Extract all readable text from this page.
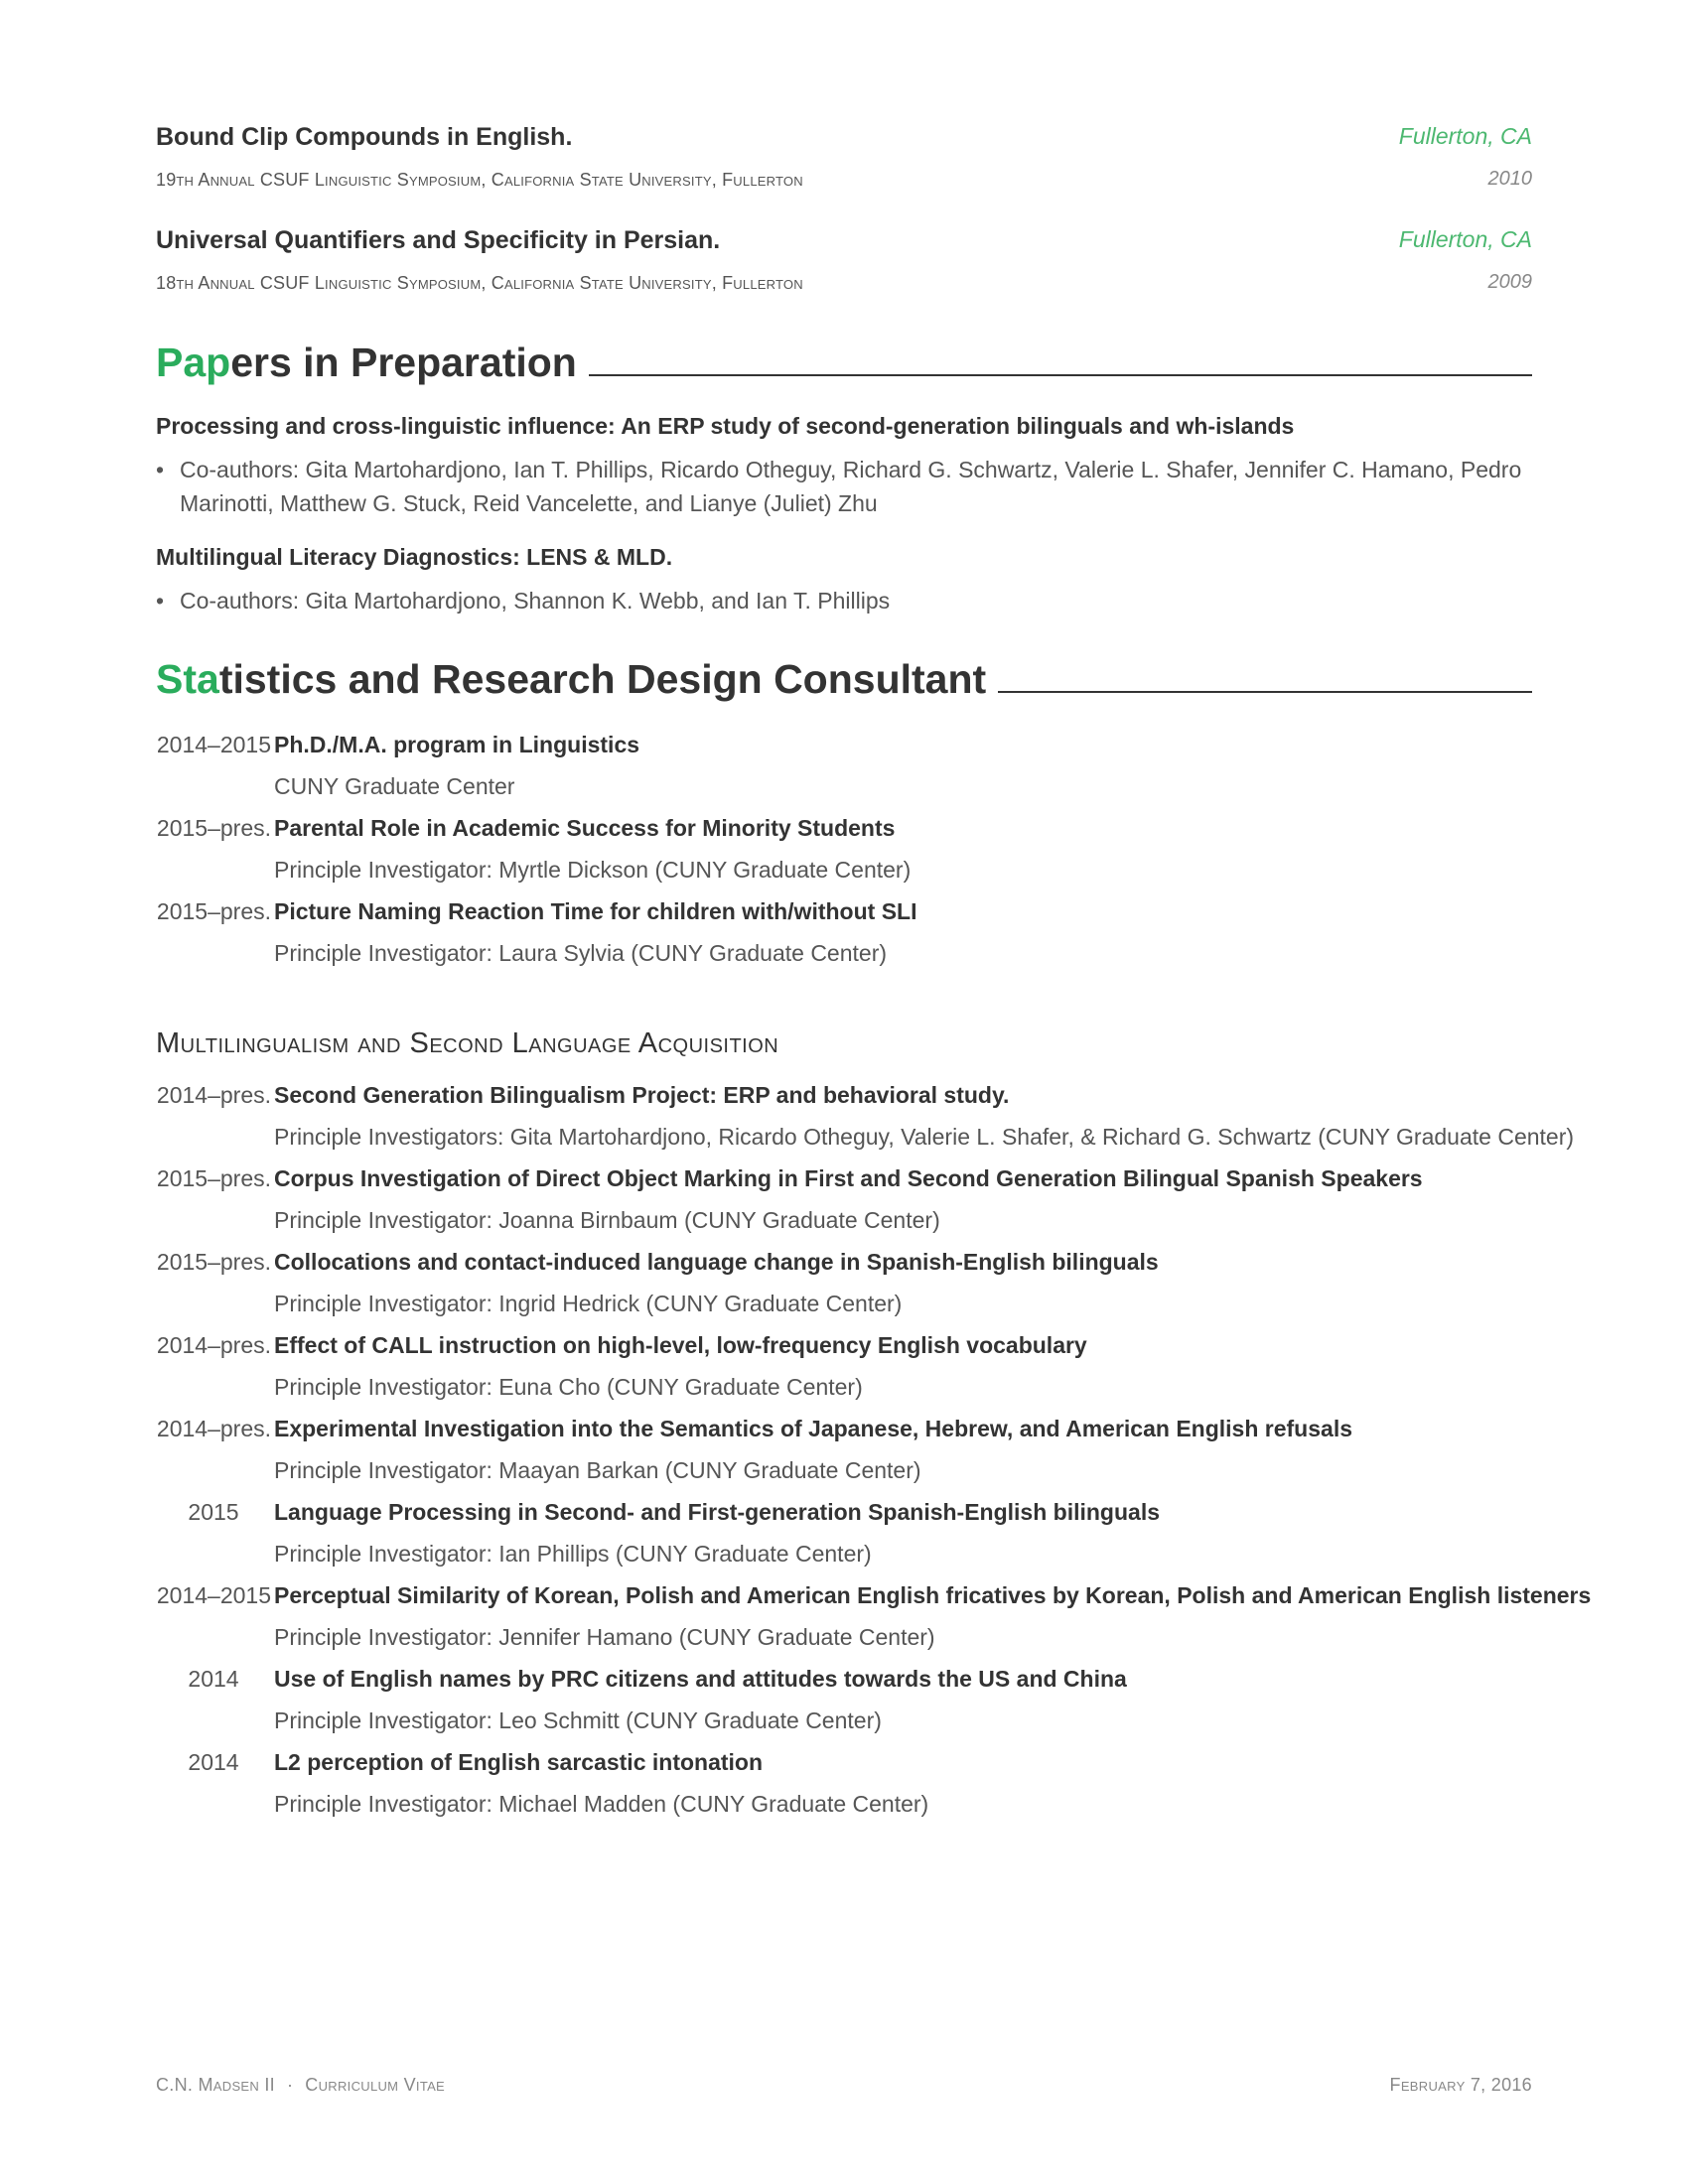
Bound Clip Compounds in English.	Fullerton, CA
19th Annual CSUF Linguistic Symposium, California State University, Fullerton	2010
Universal Quantifiers and Specificity in Persian.	Fullerton, CA
18th Annual CSUF Linguistic Symposium, California State University, Fullerton	2009
Papers in Preparation
Processing and cross-linguistic influence: An ERP study of second-generation bilinguals and wh-islands
• Co-authors: Gita Martohardjono, Ian T. Phillips, Ricardo Otheguy, Richard G. Schwartz, Valerie L. Shafer, Jennifer C. Hamano, Pedro Marinotti, Matthew G. Stuck, Reid Vancelette, and Lianye (Juliet) Zhu
Multilingual Literacy Diagnostics: LENS & MLD.
• Co-authors: Gita Martohardjono, Shannon K. Webb, and Ian T. Phillips
Statistics and Research Design Consultant
2014–2015 Ph.D./M.A. program in Linguistics
CUNY Graduate Center
2015–pres. Parental Role in Academic Success for Minority Students
Principle Investigator: Myrtle Dickson (CUNY Graduate Center)
2015–pres. Picture Naming Reaction Time for children with/without SLI
Principle Investigator: Laura Sylvia (CUNY Graduate Center)
Multilingualism and Second Language Acquisition
2014–pres. Second Generation Bilingualism Project: ERP and behavioral study.
Principle Investigators: Gita Martohardjono, Ricardo Otheguy, Valerie L. Shafer, & Richard G. Schwartz (CUNY Graduate Center)
2015–pres. Corpus Investigation of Direct Object Marking in First and Second Generation Bilingual Spanish Speakers
Principle Investigator: Joanna Birnbaum (CUNY Graduate Center)
2015–pres. Collocations and contact-induced language change in Spanish-English bilinguals
Principle Investigator: Ingrid Hedrick (CUNY Graduate Center)
2014–pres. Effect of CALL instruction on high-level, low-frequency English vocabulary
Principle Investigator: Euna Cho (CUNY Graduate Center)
2014–pres. Experimental Investigation into the Semantics of Japanese, Hebrew, and American English refusals
Principle Investigator: Maayan Barkan (CUNY Graduate Center)
2015	Language Processing in Second- and First-generation Spanish-English bilinguals
Principle Investigator: Ian Phillips (CUNY Graduate Center)
2014–2015 Perceptual Similarity of Korean, Polish and American English fricatives by Korean, Polish and American English listeners
Principle Investigator: Jennifer Hamano (CUNY Graduate Center)
2014	Use of English names by PRC citizens and attitudes towards the US and China
Principle Investigator: Leo Schmitt (CUNY Graduate Center)
2014	L2 perception of English sarcastic intonation
Principle Investigator: Michael Madden (CUNY Graduate Center)
C.N. Madsen II · Curriculum Vitae	February 7, 2016
